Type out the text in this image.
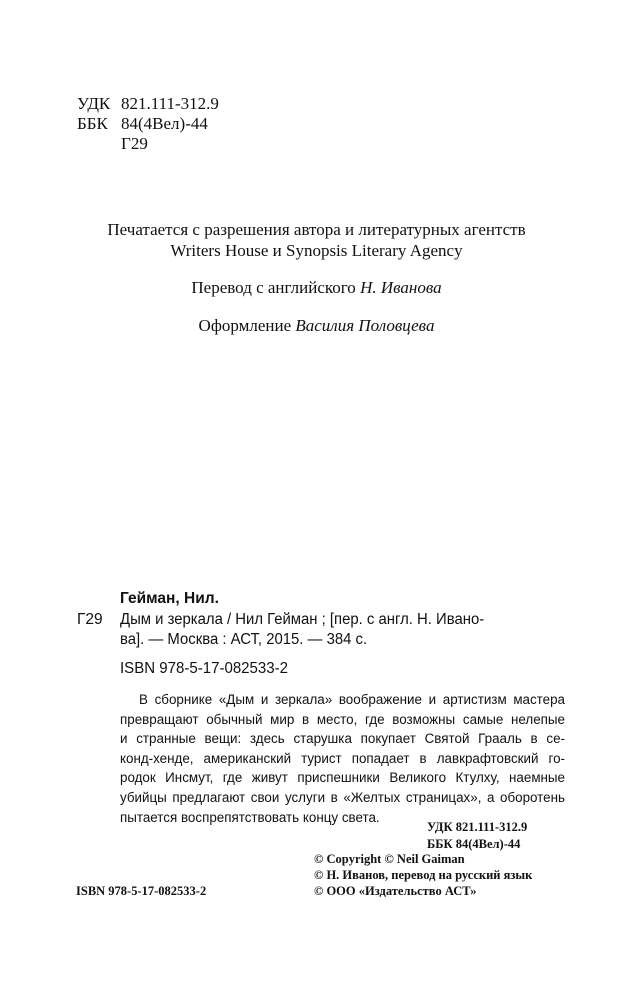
УДК 821.111-312.9
ББК 84(4Вел)-44
Г29
Печатается с разрешения автора и литературных агентств
Writers House и Synopsis Literary Agency
Перевод с английского Н. Иванова
Оформление Василия Половцева
Гейман, Нил.
Г29 Дым и зеркала / Нил Гейман ; [пер. с англ. Н. Ивано-
ва]. — Москва : АСТ, 2015. — 384 с.
ISBN 978-5-17-082533-2
В сборнике «Дым и зеркала» воображение и артистизм мастера
превращают обычный мир в место, где возможны самые нелепые
и странные вещи: здесь старушка покупает Святой Грааль в се-
конд-хенде, американский турист попадает в лавкрафтовский го-
родок Инсмут, где живут приспешники Великого Ктулху, наемные
убийцы предлагают свои услуги в «Желтых страницах», а оборотень
пытается воспрепятствовать концу света.
УДК 821.111-312.9
ББК 84(4Вел)-44
ISBN 978-5-17-082533-2
© Copyright © Neil Gaiman
© Н. Иванов, перевод на русский язык
© ООО «Издательство АСТ»
